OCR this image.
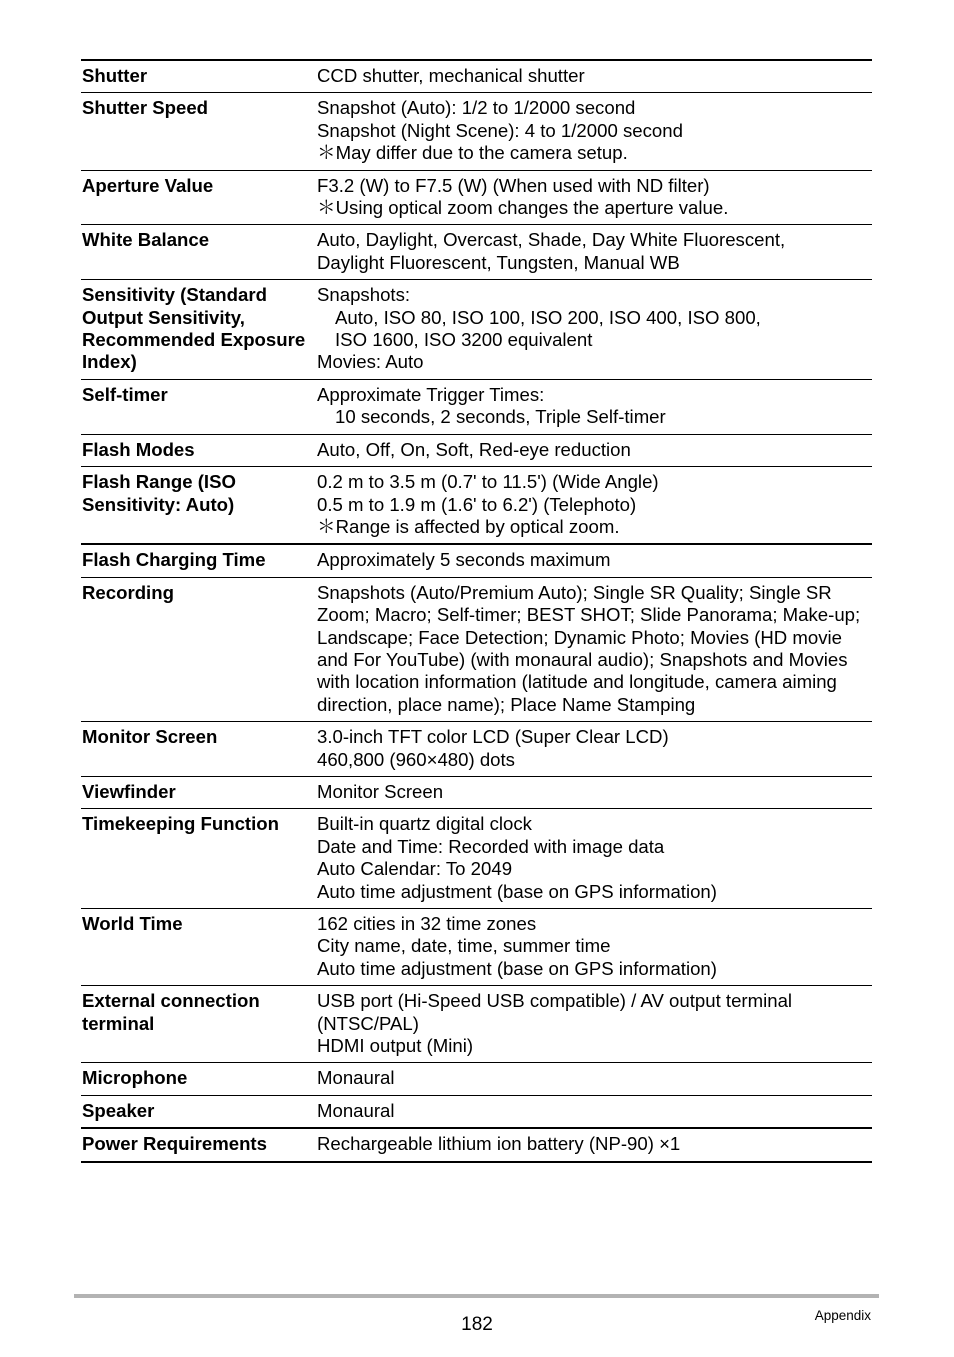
Shutter	CCD shutter, mechanical shutter

Shutter Speed	Snapshot (Auto): 1/2 to 1/2000 second
Snapshot (Night Scene): 4 to 1/2000 second
＊May differ due to the camera setup.

Aperture Value	F3.2 (W) to F7.5 (W) (When used with ND filter)
＊Using optical zoom changes the aperture value.

White Balance	Auto, Daylight, Overcast, Shade, Day White Fluorescent,
Daylight Fluorescent, Tungsten, Manual WB

Sensitivity (Standard Output Sensitivity, Recommended Exposure Index)	Snapshots:
Auto, ISO 80, ISO 100, ISO 200, ISO 400, ISO 800,
ISO 1600, ISO 3200 equivalent
Movies: Auto

Self-timer	Approximate Trigger Times:
10 seconds, 2 seconds, Triple Self-timer

Flash Modes	Auto, Off, On, Soft, Red-eye reduction

Flash Range (ISO Sensitivity: Auto)	0.2 m to 3.5 m (0.7' to 11.5') (Wide Angle)
0.5 m to 1.9 m (1.6' to 6.2') (Telephoto)
＊Range is affected by optical zoom.

Flash Charging Time	Approximately 5 seconds maximum

Recording	Snapshots (Auto/Premium Auto); Single SR Quality; Single SR Zoom; Macro; Self-timer; BEST SHOT; Slide Panorama; Make-up; Landscape; Face Detection; Dynamic Photo; Movies (HD movie and For YouTube) (with monaural audio); Snapshots and Movies with location information (latitude and longitude, camera aiming direction, place name); Place Name Stamping

Monitor Screen	3.0-inch TFT color LCD (Super Clear LCD)
460,800 (960×480) dots

Viewfinder	Monitor Screen

Timekeeping Function	Built-in quartz digital clock
Date and Time: Recorded with image data
Auto Calendar: To 2049
Auto time adjustment (base on GPS information)

World Time	162 cities in 32 time zones
City name, date, time, summer time
Auto time adjustment (base on GPS information)

External connection terminal	USB port (Hi-Speed USB compatible) / AV output terminal (NTSC/PAL)
HDMI output (Mini)

Microphone	Monaural

Speaker	Monaural

Power Requirements	Rechargeable lithium ion battery (NP-90) ×1
182	Appendix
